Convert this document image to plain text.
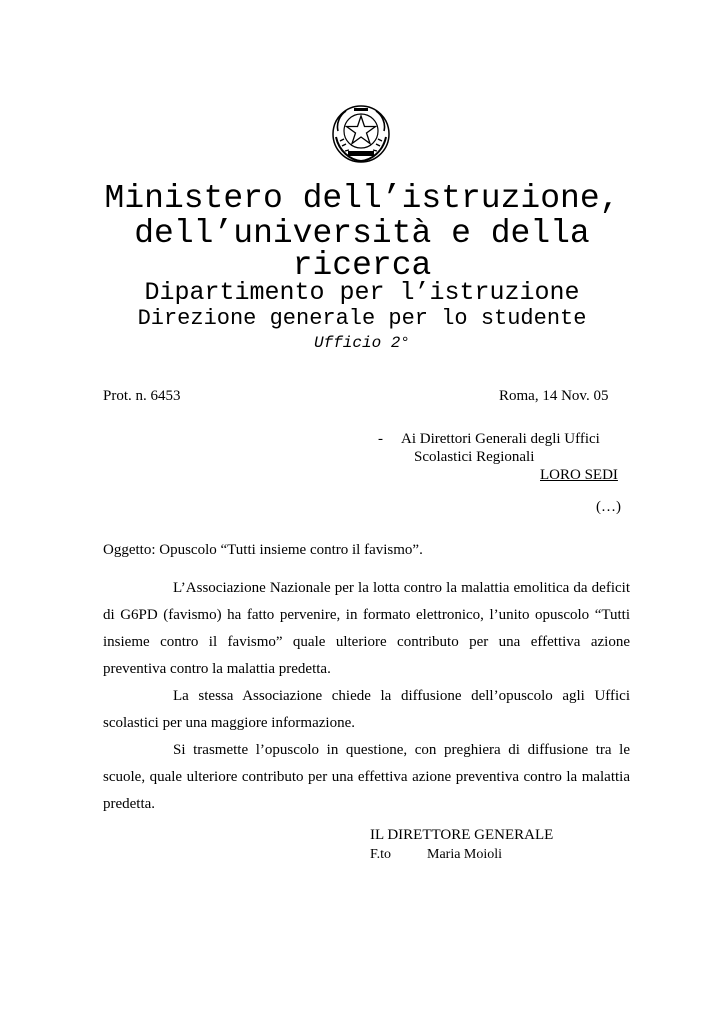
Ministero dell’istruzione,
dell’università e della
ricerca
Dipartimento per l’istruzione
Direzione generale per lo studente
Ufficio 2°
Prot. n. 6453	Roma, 14 Nov. 05
- Ai Direttori Generali degli Uffici
Scolastici Regionali
LORO SEDI
(…)
Oggetto: Opuscolo “Tutti insieme contro il favismo”.

L’Associazione Nazionale per la lotta contro la malattia emolitica da deficit di G6PD (favismo) ha fatto pervenire, in formato elettronico, l’unito opuscolo “Tutti insieme contro il favismo” quale ulteriore contributo per una effettiva azione preventiva contro la malattia predetta.

La stessa Associazione chiede la diffusione dell’opuscolo agli Uffici scolastici per una maggiore informazione.

Si trasmette l’opuscolo in questione, con preghiera di diffusione tra le scuole, quale ulteriore contributo per una effettiva azione preventiva contro la malattia predetta.

IL DIRETTORE GENERALE
F.to	Maria Moioli
